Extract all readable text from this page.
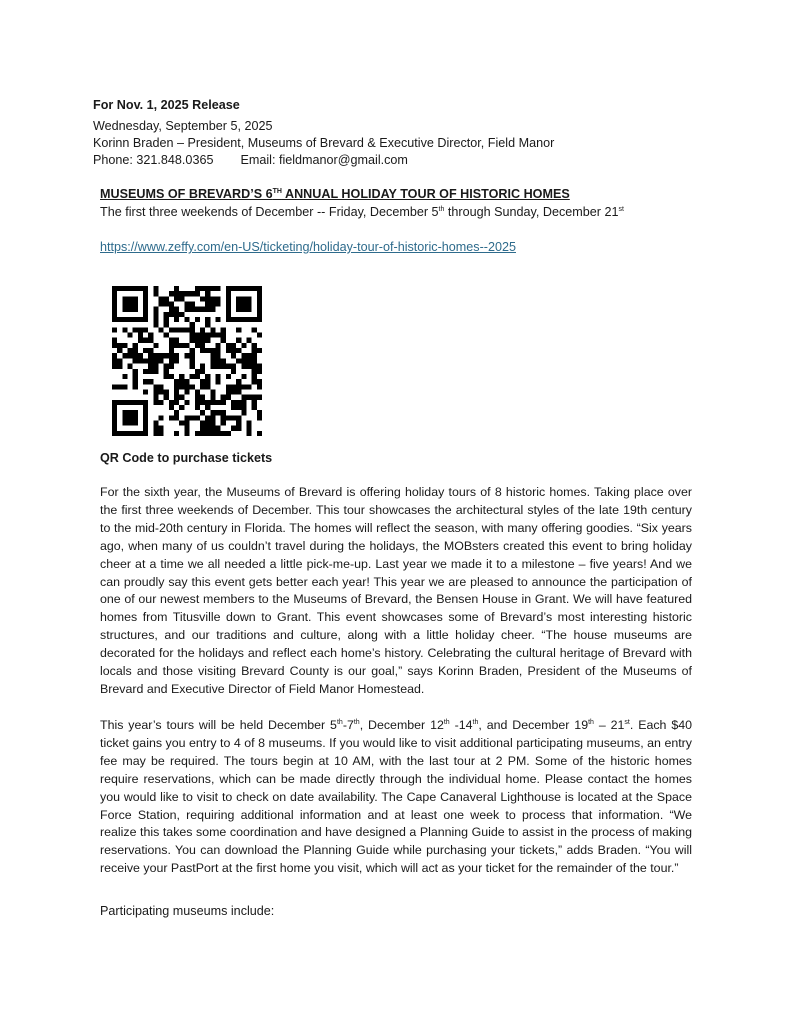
For Nov. 1, 2025 Release
Wednesday, September 5, 2025
Korinn Braden – President, Museums of Brevard & Executive Director, Field Manor
Phone: 321.848.0365 Email: fieldmanor@gmail.com
MUSEUMS OF BREVARD’S 6TH ANNUAL HOLIDAY TOUR OF HISTORIC HOMES
The first three weekends of December -- Friday, December 5th through Sunday, December 21st
https://www.zeffy.com/en-US/ticketing/holiday-tour-of-historic-homes--2025
QR Code to purchase tickets

For the sixth year, the Museums of Brevard is offering holiday tours of 8 historic homes. Taking place over the first three weekends of December. This tour showcases the architectural styles of the late 19th century to the mid-20th century in Florida. The homes will reflect the season, with many offering goodies. “Six years ago, when many of us couldn’t travel during the holidays, the MOBsters created this event to bring holiday cheer at a time we all needed a little pick-me-up. Last year we made it to a milestone – five years! And we can proudly say this event gets better each year! This year we are pleased to announce the participation of one of our newest members to the Museums of Brevard, the Bensen House in Grant. We will have featured homes from Titusville down to Grant. This event showcases some of Brevard’s most interesting historic structures, and our traditions and culture, along with a little holiday cheer. “The house museums are decorated for the holidays and reflect each home’s history. Celebrating the cultural heritage of Brevard with locals and those visiting Brevard County is our goal,” says Korinn Braden, President of the Museums of Brevard and Executive Director of Field Manor Homestead.

This year’s tours will be held December 5th-7th, December 12th -14th, and December 19th – 21st. Each $40 ticket gains you entry to 4 of 8 museums. If you would like to visit additional participating museums, an entry fee may be required. The tours begin at 10 AM, with the last tour at 2 PM. Some of the historic homes require reservations, which can be made directly through the individual home. Please contact the homes you would like to visit to check on date availability. The Cape Canaveral Lighthouse is located at the Space Force Station, requiring additional information and at least one week to process that information. “We realize this takes some coordination and have designed a Planning Guide to assist in the process of making reservations. You can download the Planning Guide while purchasing your tickets,” adds Braden. “You will receive your PastPort at the first home you visit, which will act as your ticket for the remainder of the tour.”

Participating museums include:
